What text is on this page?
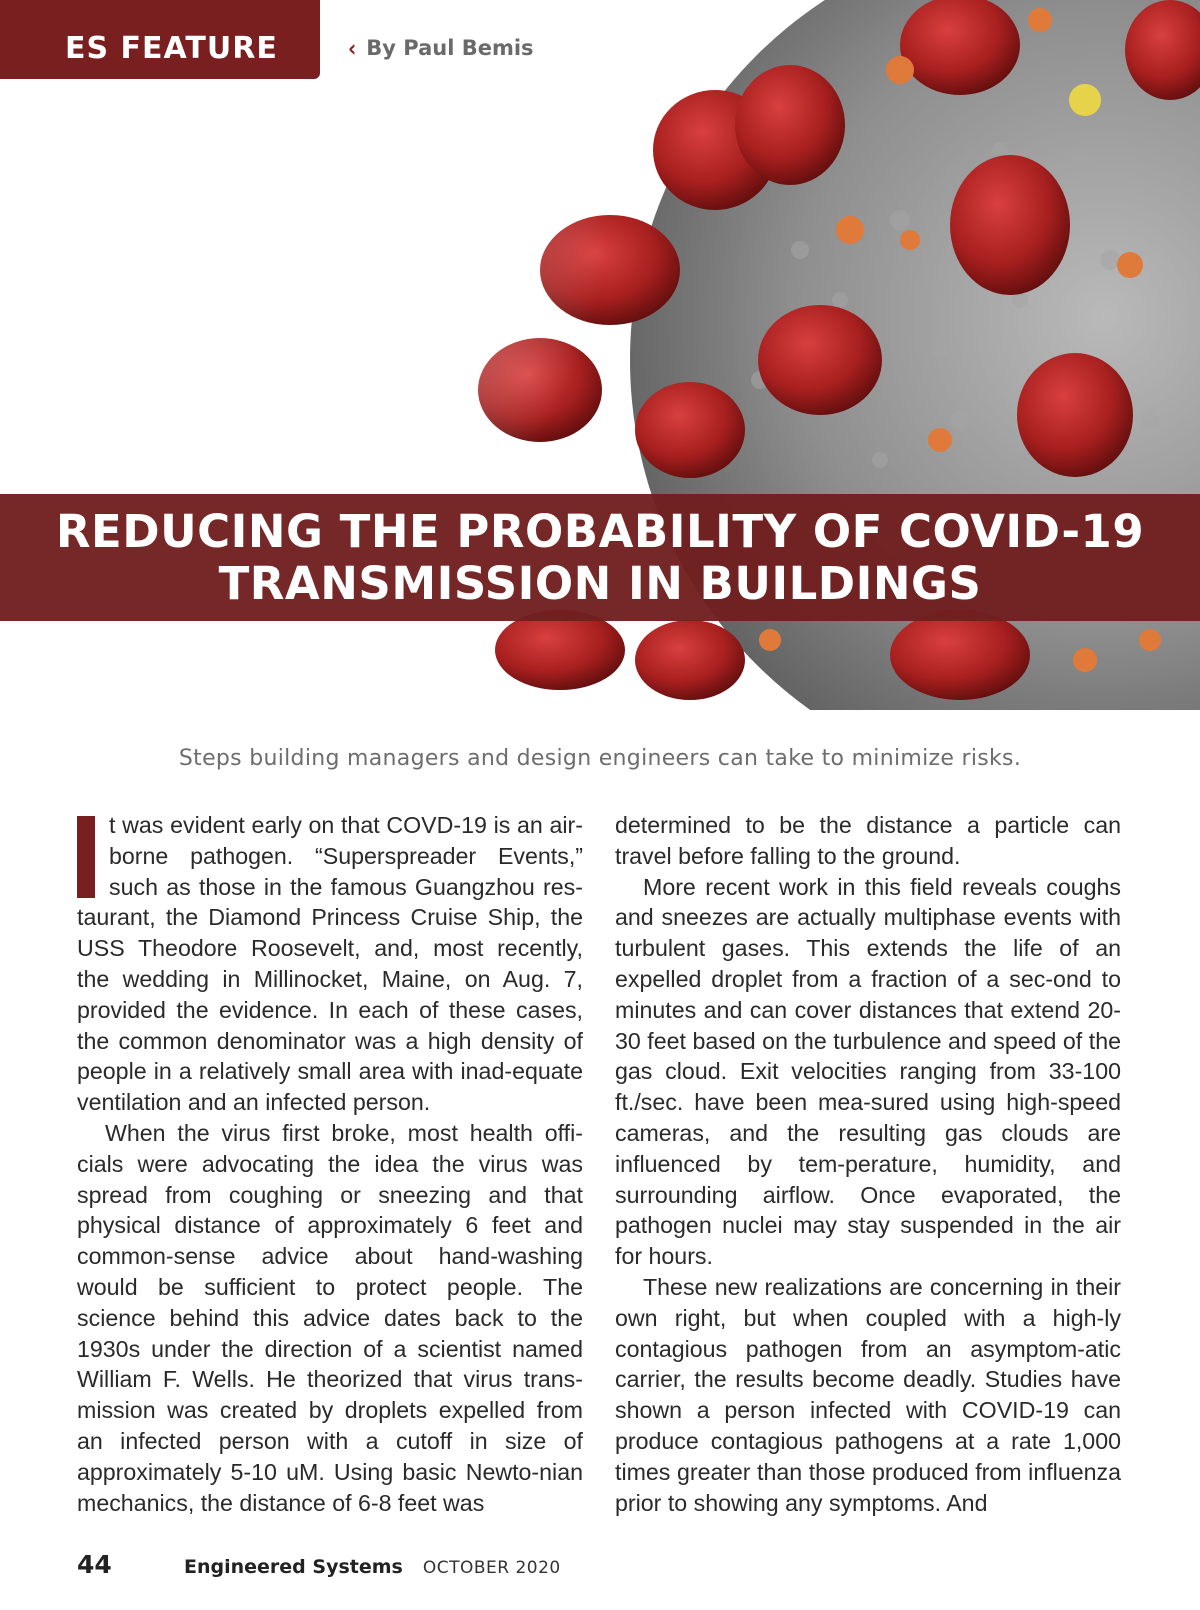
ES FEATURE	‹ By Paul Bemis
REDUCING THE PROBABILITY OF COVID-19
TRANSMISSION IN BUILDINGS
Steps building managers and design engineers can take to minimize risks.

I
t was evident early on that COVD-19 is an air-borne pathogen. “Superspreader Events,” such as those in the famous Guangzhou res-taurant, the Diamond Princess Cruise Ship, the USS Theodore Roosevelt, and, most recently, the wedding in Millinocket, Maine, on Aug. 7, provided the evidence. In each of these cases, the common denominator was a high density of people in a relatively small area with inad-equate ventilation and an infected person.

When the virus first broke, most health offi-cials were advocating the idea the virus was spread from coughing or sneezing and that physical distance of approximately 6 feet and common-sense advice about hand-washing would be sufficient to protect people. The science behind this advice dates back to the 1930s under the direction of a scientist named William F. Wells. He theorized that virus trans-mission was created by droplets expelled from an infected person with a cutoff in size of approximately 5-10 uM. Using basic Newto-nian mechanics, the distance of 6-8 feet was

determined to be the distance a particle can travel before falling to the ground.

More recent work in this field reveals coughs and sneezes are actually multiphase events with turbulent gases. This extends the life of an expelled droplet from a fraction of a sec-ond to minutes and can cover distances that extend 20-30 feet based on the turbulence and speed of the gas cloud. Exit velocities ranging from 33-100 ft./sec. have been mea-sured using high-speed cameras, and the resulting gas clouds are influenced by tem-perature, humidity, and surrounding airflow. Once evaporated, the pathogen nuclei may stay suspended in the air for hours.

These new realizations are concerning in their own right, but when coupled with a high-ly contagious pathogen from an asymptom-atic carrier, the results become deadly. Studies have shown a person infected with COVID-19 can produce contagious pathogens at a rate 1,000 times greater than those produced from influenza prior to showing any symptoms. And

44	Engineered Systems OCTOBER 2020
